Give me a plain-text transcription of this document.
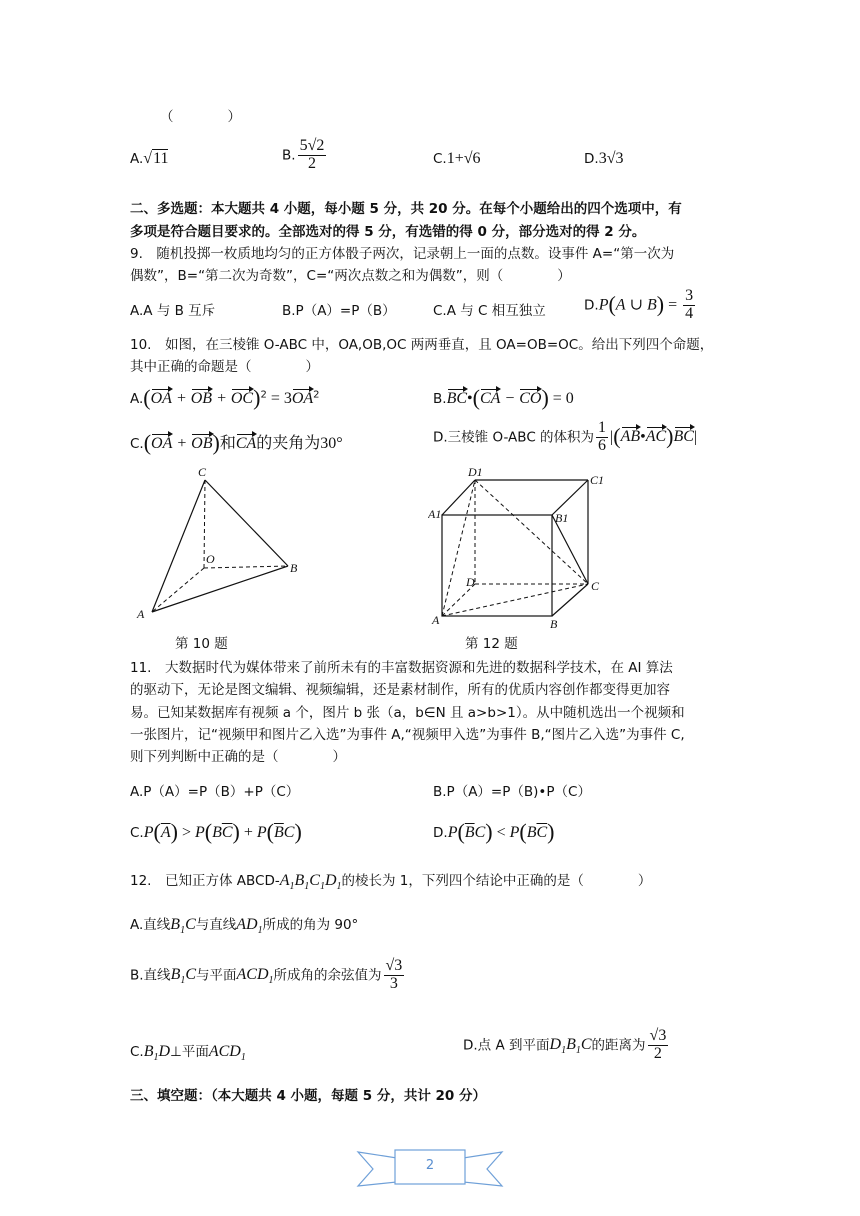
（　　　　）
A.√11	B. $\frac{5√2}{2}$	C.1+√6	D.3√3
二、多选题：本大题共 4 小题，每小题 5 分，共 20 分。在每个小题给出的四个选项中，有
多项是符合题目要求的。全部选对的得 5 分，有选错的得 0 分，部分选对的得 2 分。
9.　随机投掷一枚质地均匀的正方体骰子两次，记录朝上一面的点数。设事件 A=“第一次为
偶数”，B=“第二次为奇数”，C=“两次点数之和为偶数”，则（　　　　）
A.A 与 B 互斥	B.P（A）=P（B）	C.A 与 C 相互独立	D.P(A ∪ $B) = \frac{3}{4}$
10.　如图，在三棱锥 O-ABC 中，OA,OB,OC 两两垂直，且 OA=OB=OC。给出下列四个命题，
其中正确的命题是（　　　　）
A.(OA + OB + $OC)^2 = 3OA^2$	B.BC•(CA − CO) = 0
C.(OA + OB)和CA的夹角为30°	D.三棱锥 O-ABC 的体积为 $\frac{1}{6}$ |(AB•AC)BC|
C
O
B
A
第 10 题
D1
C1
A1	B1
D	C
A	B
第 12 题
11.　大数据时代为媒体带来了前所未有的丰富数据资源和先进的数据科学技术，在 AI 算法
的驱动下，无论是图文编辑、视频编辑，还是素材制作，所有的优质内容创作都变得更加容
易。已知某数据库有视频 a 个，图片 b 张（a，b∈N 且 a>b>1）。从中随机选出一个视频和
一张图片，记“视频甲和图片乙入选”为事件 A,“视频甲入选”为事件 B,“图片乙入选”为事件 C,
则下列判断中正确的是（　　　　）
A.P（A）=P（B）+P（C）	B.P（A）=P（B)•P（C）
$C.P(\overline{A}) > P(B\overline{C}) + P(\overline{B}C)$	$D.P(\overline{B}C) < P(B\overline{C})$
12.　已知正方体 ABCD-$A_1B_1C_1D_1$的棱长为 1，下列四个结论中正确的是（　　　　）
A.直线$B_1C$与直线$AD_1$所成的角为 90°
B.直线$B_1C$与平面$ACD_1$所成角的余弦值为 $\frac{√3}{3}$
$C.B_1D\perp$平面$ACD_1$
D.点 A 到平面$D_1B_1C$的距离为 $\frac{√3}{2}$
三、填空题：（本大题共 4 小题，每题 5 分，共计 20 分）
2
